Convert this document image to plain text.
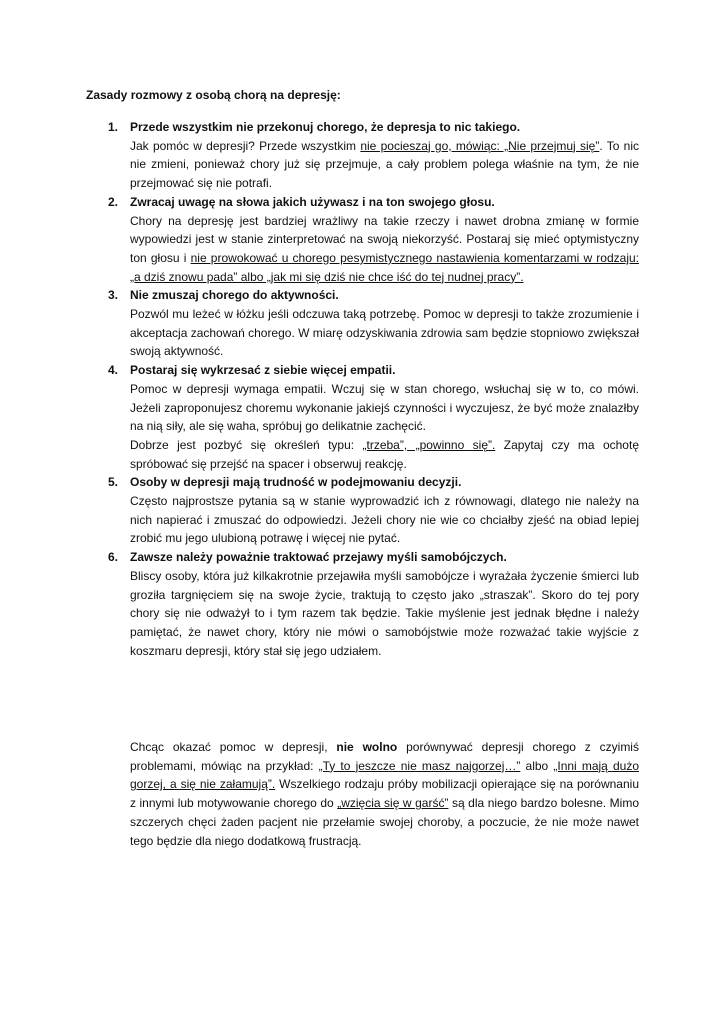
Zasady rozmowy z osobą chorą na depresję:

1. Przede wszystkim nie przekonuj chorego, że depresja to nic takiego.

Jak pomóc w depresji? Przede wszystkim nie pocieszaj go, mówiąc: „Nie przejmuj się”. To nic nie zmieni, ponieważ chory już się przejmuje, a cały problem polega właśnie na tym, że nie przejmować się nie potrafi.

2. Zwracaj uwagę na słowa jakich używasz i na ton swojego głosu.

Chory na depresję jest bardziej wrażliwy na takie rzeczy i nawet drobna zmianę w formie wypowiedzi jest w stanie zinterpretować na swoją niekorzyść. Postaraj się mieć optymistyczny ton głosu i nie prowokować u chorego pesymistycznego nastawienia komentarzami w rodzaju: „a dziś znowu pada” albo „jak mi się dziś nie chce iść do tej nudnej pracy”.

3. Nie zmuszaj chorego do aktywności.

Pozwól mu leżeć w łóżku jeśli odczuwa taką potrzebę. Pomoc w depresji to także zrozumienie i akceptacja zachowań chorego. W miarę odzyskiwania zdrowia sam będzie stopniowo zwiększał swoją aktywność.

4. Postaraj się wykrzesać z siebie więcej empatii.

Pomoc w depresji wymaga empatii. Wczuj się w stan chorego, wsłuchaj się w to, co mówi. Jeżeli zaproponujesz choremu wykonanie jakiejś czynności i wyczujesz, że być może znalazłby na nią siły, ale się waha, spróbuj go delikatnie zachęcić.

Dobrze jest pozbyć się określeń typu: „trzeba”, „powinno się”. Zapytaj czy ma ochotę spróbować się przejść na spacer i obserwuj reakcję.

5. Osoby w depresji mają trudność w podejmowaniu decyzji.

Często najprostsze pytania są w stanie wyprowadzić ich z równowagi, dlatego nie należy na nich napierać i zmuszać do odpowiedzi. Jeżeli chory nie wie co chciałby zjeść na obiad lepiej zrobić mu jego ulubioną potrawę i więcej nie pytać.

6. Zawsze należy poważnie traktować przejawy myśli samobójczych.

Bliscy osoby, która już kilkakrotnie przejawiła myśli samobójcze i wyrażała życzenie śmierci lub groziła targnięciem się na swoje życie, traktują to często jako „straszak”. Skoro do tej pory chory się nie odważył to i tym razem tak będzie. Takie myślenie jest jednak błędne i należy pamiętać, że nawet chory, który nie mówi o samobójstwie może rozważać takie wyjście z koszmaru depresji, który stał się jego udziałem.

Chcąc okazać pomoc w depresji, nie wolno porównywać depresji chorego z czyimiś problemami, mówiąc na przykład: „Ty to jeszcze nie masz najgorzej…” albo „Inni mają dużo gorzej, a się nie załamują”. Wszelkiego rodzaju próby mobilizacji opierające się na porównaniu z innymi lub motywowanie chorego do „wzięcia się w garść” są dla niego bardzo bolesne. Mimo szczerych chęci żaden pacjent nie przełamie swojej choroby, a poczucie, że nie może nawet tego będzie dla niego dodatkową frustracją.
